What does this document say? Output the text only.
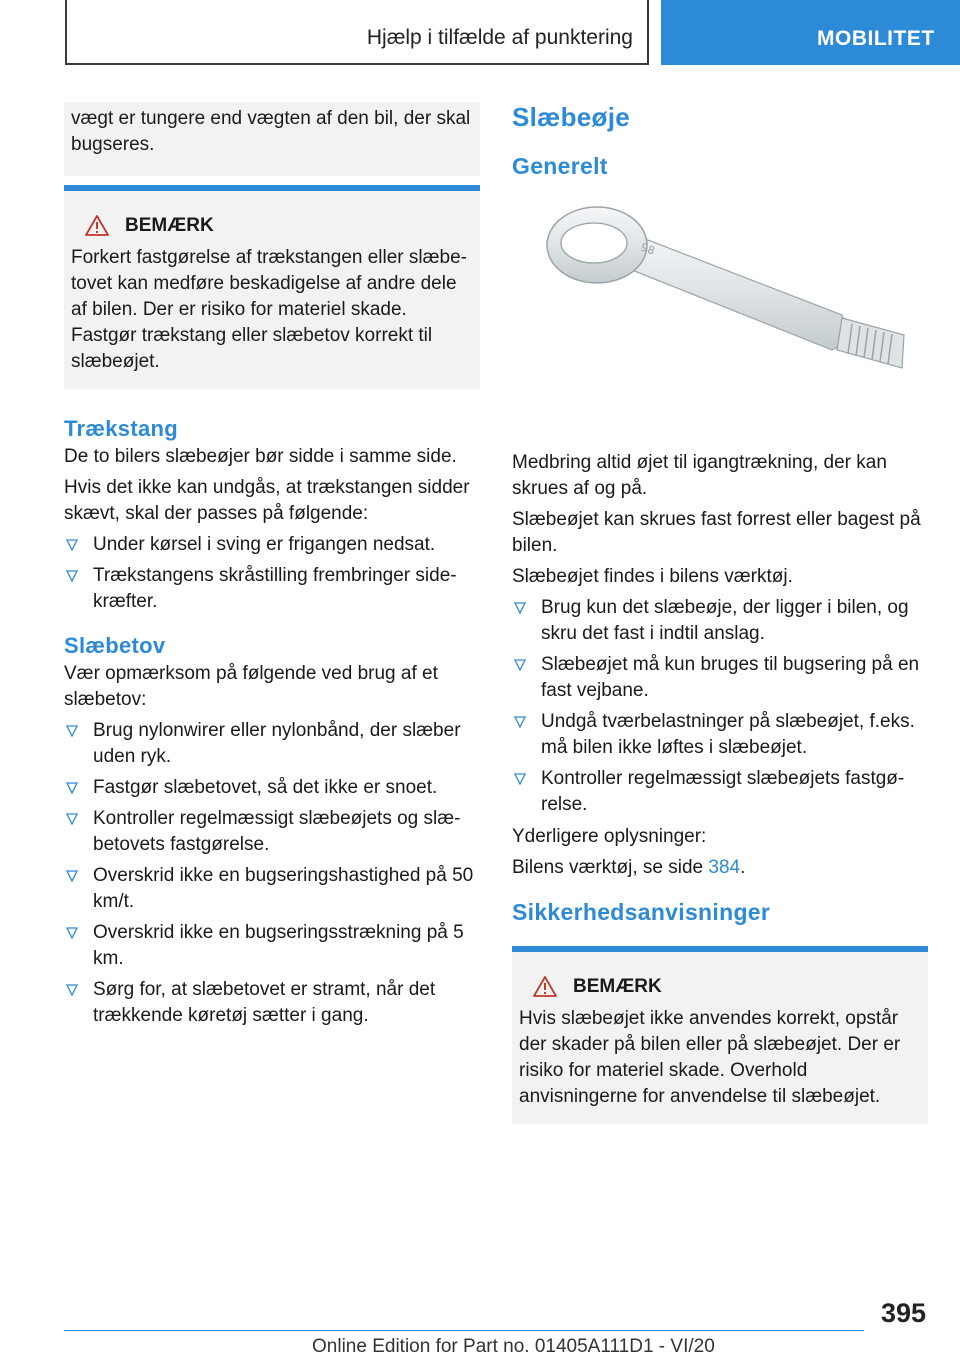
Hjælp i tilfælde af punktering	MOBILITET
vægt er tungere end vægten af den bil, der skal bugseres.
BEMÆRK
Forkert fastgørelse af trækstangen eller slæbetovet kan medføre beskadigelse af andre dele af bilen. Der er risiko for materiel skade. Fastgør trækstang eller slæbetov korrekt til slæbeøjet.
Trækstang

De to bilers slæbeøjer bør sidde i samme side.

Hvis det ikke kan undgås, at trækstangen sidder skævt, skal der passes på følgende:

Under kørsel i sving er frigangen nedsat.
Trækstangens skråstilling frembringer sidekræfter.
Slæbetov

Vær opmærksom på følgende ved brug af et slæbetov:

Brug nylonwirer eller nylonbånd, der slæber uden ryk.
Fastgør slæbetovet, så det ikke er snoet.
Kontroller regelmæssigt slæbeøjets og slæbetovets fastgørelse.
Overskrid ikke en bugseringshastighed på 50 km/t.
Overskrid ikke en bugseringsstrækning på 5 km.
Sørg for, at slæbetovet er stramt, når det trækkende køretøj sætter i gang.
Slæbeøje
Generelt
98

Medbring altid øjet til igangtrækning, der kan skrues af og på.

Slæbeøjet kan skrues fast forrest eller bagest på bilen.

Slæbeøjet findes i bilens værktøj.

Brug kun det slæbeøje, der ligger i bilen, og skru det fast i indtil anslag.
Slæbeøjet må kun bruges til bugsering på en fast vejbane.
Undgå tværbelastninger på slæbeøjet, f.eks. må bilen ikke løftes i slæbeøjet.
Kontroller regelmæssigt slæbeøjets fastgørelse.

Yderligere oplysninger:

Bilens værktøj, se side 384.

Sikkerhedsanvisninger
BEMÆRK
Hvis slæbeøjet ikke anvendes korrekt, opstår der skader på bilen eller på slæbeøjet. Der er risiko for materiel skade. Overhold anvisningerne for anvendelse til slæbeøjet.
395
Online Edition for Part no. 01405A111D1 - VI/20
